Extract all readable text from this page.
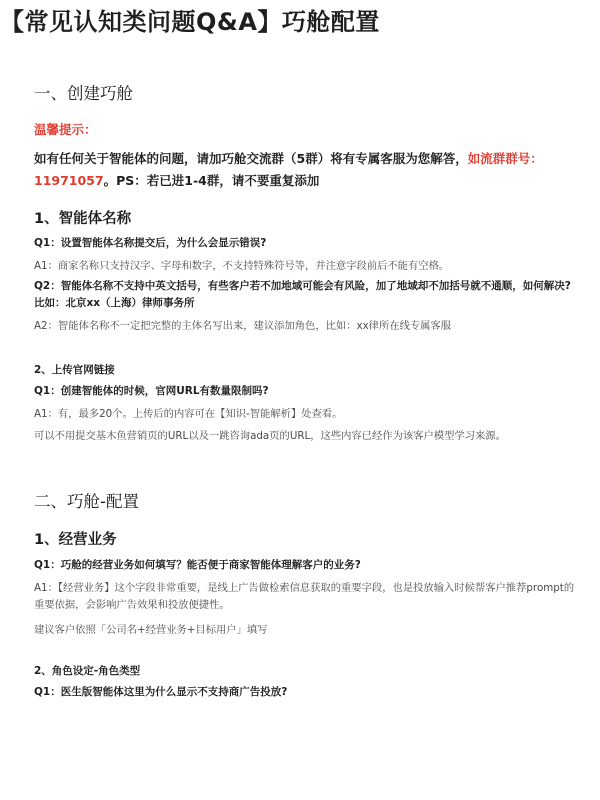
【常见认知类问题Q&A】巧舱配置
一、创建巧舱
温馨提示：

如有任何关于智能体的问题，请加巧舱交流群（5群）将有专属客服为您解答，如流群群号：11971057。PS：若已进1-4群，请不要重复添加

1、智能体名称

Q1：设置智能体名称提交后，为什么会显示错误?

A1：商家名称只支持汉字、字母和数字，不支持特殊符号等，并注意字段前后不能有空格。

Q2：智能体名称不支持中英文括号，有些客户若不加地域可能会有风险，加了地域却不加括号就不通顺，如何解决? 比如：北京xx（上海）律师事务所

A2：智能体名称不一定把完整的主体名写出来，建议添加角色，比如：xx律所在线专属客服

2、上传官网链接

Q1：创建智能体的时候，官网URL有数量限制吗?

A1：有，最多20个。上传后的内容可在【知识-智能解析】处查看。

可以不用提交基木鱼营销页的URL以及一跳咨询ada页的URL，这些内容已经作为该客户模型学习来源。

二、巧舱-配置
1、经营业务

Q1：巧舱的经营业务如何填写？能否便于商家智能体理解客户的业务?

A1：【经营业务】这个字段非常重要，是线上广告做检索信息获取的重要字段，也是投放输入时候帮客户推荐prompt的重要依据，会影响广告效果和投放便捷性。

建议客户依照「公司名+经营业务+目标用户」填写

2、角色设定-角色类型

Q1：医生版智能体这里为什么显示不支持商广告投放?
